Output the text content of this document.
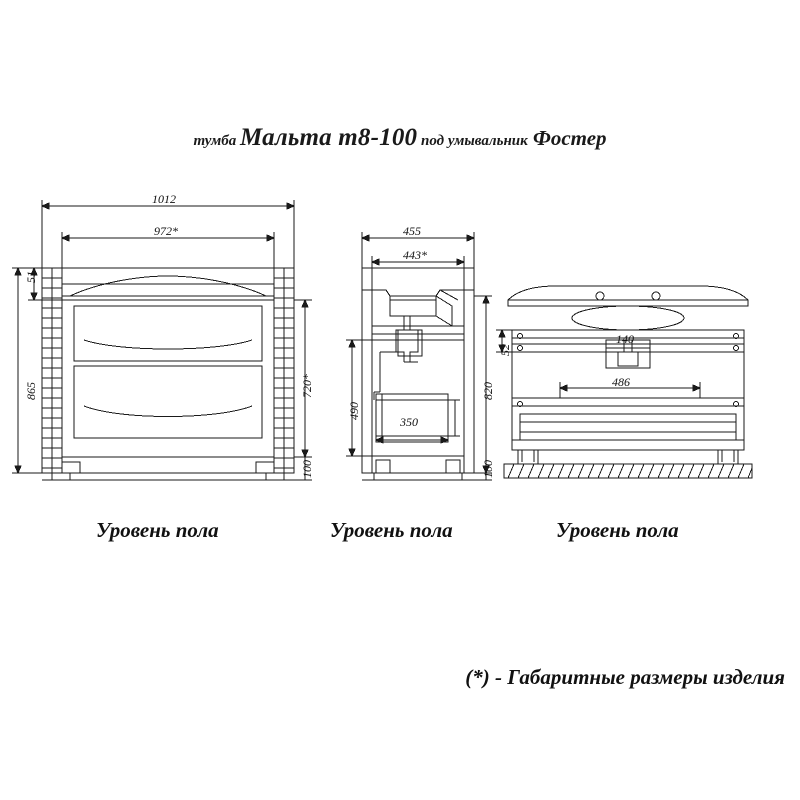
тумба Мальта т8-100 под умывальник Фостер
1012
972*
51
865	720*
100
455
443*
820
490
350
100
52
140
486
Уровень пола	Уровень пола	Уровень пола
(*) - Габаритные размеры изделия
